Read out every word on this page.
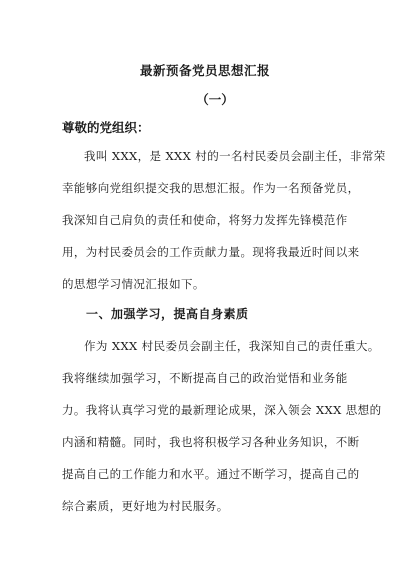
最新预备党员思想汇报
（一）
尊敬的党组织：
我叫 XXX，是 XXX 村的一名村民委员会副主任，非常荣
幸能够向党组织提交我的思想汇报。作为一名预备党员，
我深知自己肩负的责任和使命，将努力发挥先锋模范作
用，为村民委员会的工作贡献力量。现将我最近时间以来
的思想学习情况汇报如下。
一、加强学习，提高自身素质
作为 XXX 村民委员会副主任，我深知自己的责任重大。
我将继续加强学习，不断提高自己的政治觉悟和业务能
力。我将认真学习党的最新理论成果，深入领会 XXX 思想的
内涵和精髓。同时，我也将积极学习各种业务知识，不断
提高自己的工作能力和水平。通过不断学习，提高自己的
综合素质，更好地为村民服务。
